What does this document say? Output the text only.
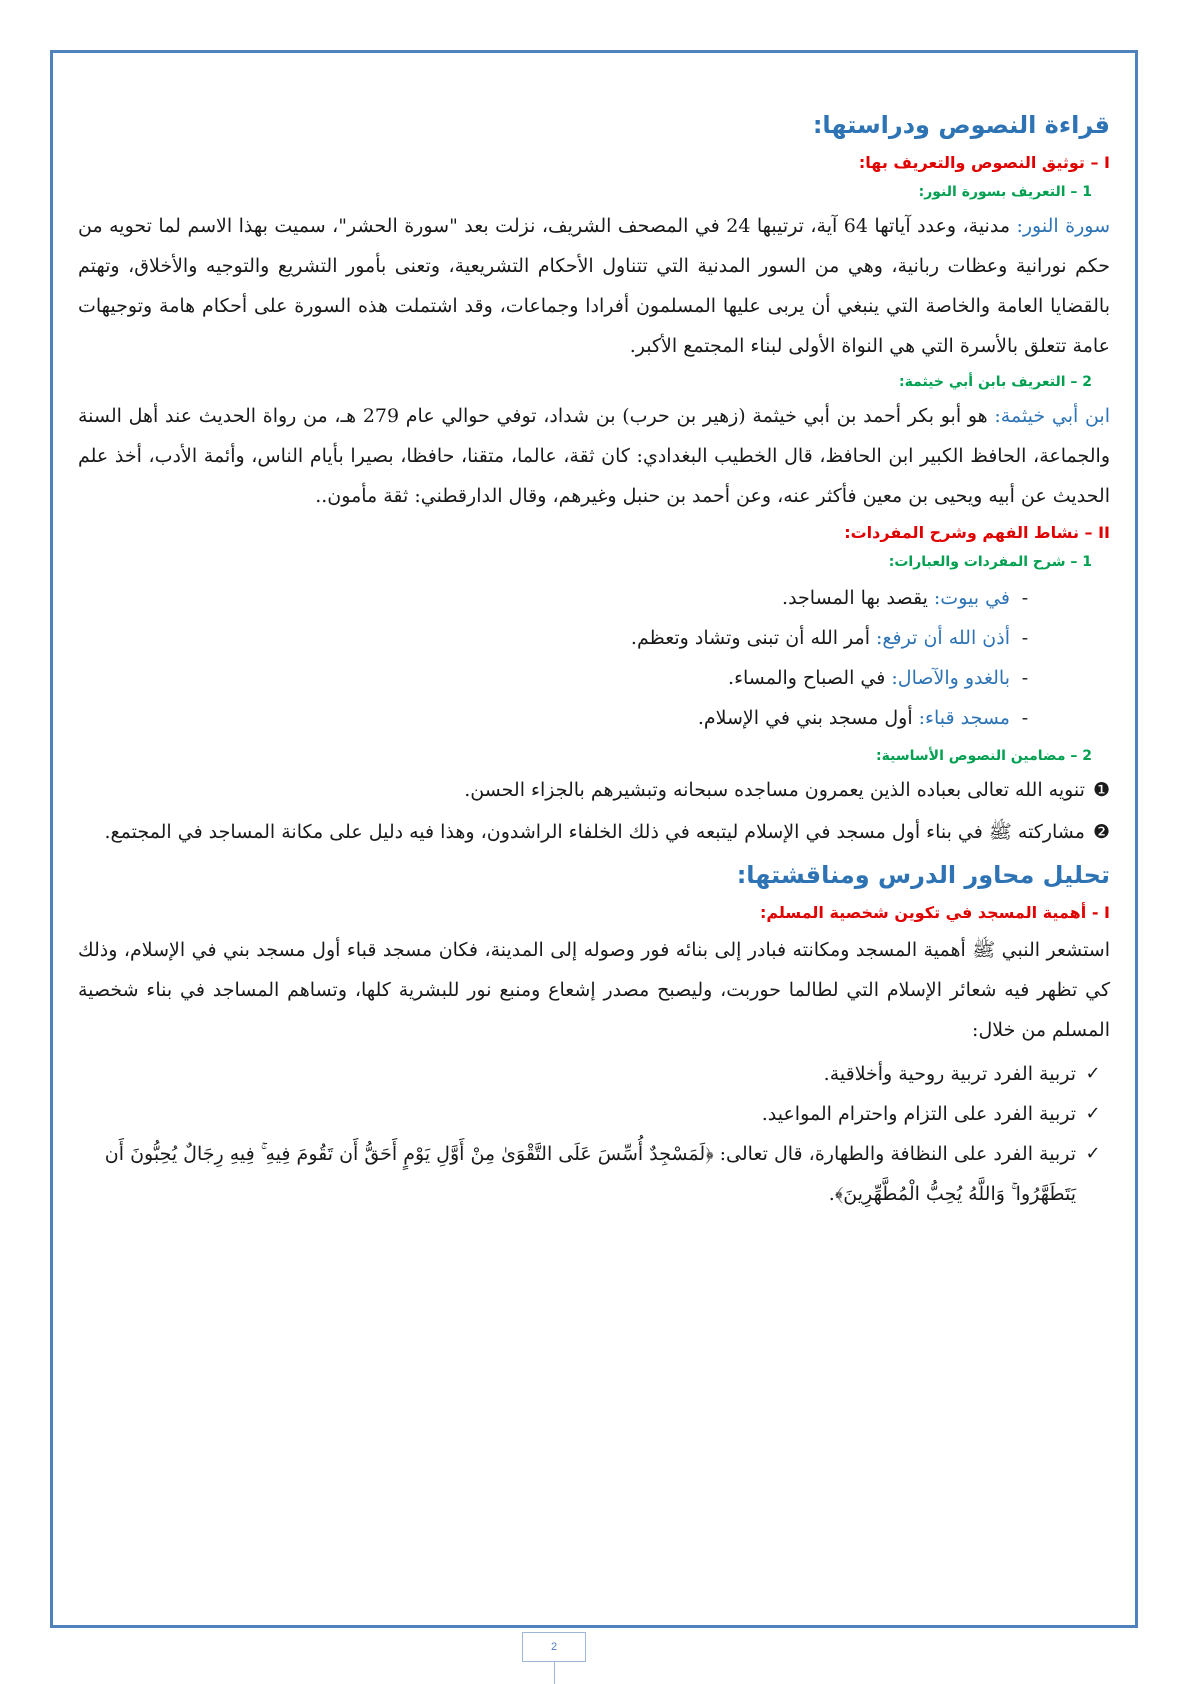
قراءة النصوص ودراستها:
I – توثيق النصوص والتعريف بها:
1 – التعريف بسورة النور:

سورة النور: مدنية، وعدد آياتها 64 آية، ترتيبها 24 في المصحف الشريف، نزلت بعد "سورة الحشر"، سميت بهذا الاسم لما تحويه من حكم نورانية وعظات ربانية، وهي من السور المدنية التي تتناول الأحكام التشريعية، وتعنى بأمور التشريع والتوجيه والأخلاق، وتهتم بالقضايا العامة والخاصة التي ينبغي أن يربى عليها المسلمون أفرادا وجماعات، وقد اشتملت هذه السورة على أحكام هامة وتوجيهات عامة تتعلق بالأسرة التي هي النواة الأولى لبناء المجتمع الأكبر.

2 – التعريف بابن أبي خيثمة:

ابن أبي خيثمة: هو أبو بكر أحمد بن أبي خيثمة (زهير بن حرب) بن شداد، توفي حوالي عام 279 هـ، من رواة الحديث عند أهل السنة والجماعة، الحافظ الكبير ابن الحافظ، قال الخطيب البغدادي: كان ثقة، عالما، متقنا، حافظا، بصيرا بأيام الناس، وأئمة الأدب، أخذ علم الحديث عن أبيه ويحيى بن معين فأكثر عنه، وعن أحمد بن حنبل وغيرهم، وقال الدارقطني: ثقة مأمون..

II – نشاط الفهم وشرح المفردات:
1 – شرح المفردات والعبارات:
-
في بيوت: يقصد بها المساجد.
-
أذن الله أن ترفع: أمر الله أن تبنى وتشاد وتعظم.
-
بالغدو والآصال: في الصباح والمساء.
-
مسجد قباء: أول مسجد بني في الإسلام.
2 – مضامين النصوص الأساسية:
❶تنويه الله تعالى بعباده الذين يعمرون مساجده سبحانه وتبشيرهم بالجزاء الحسن.
❷مشاركته ﷺ في بناء أول مسجد في الإسلام ليتبعه في ذلك الخلفاء الراشدون، وهذا فيه دليل على مكانة المساجد في المجتمع.
تحليل محاور الدرس ومناقشتها:
I - أهمية المسجد في تكوين شخصية المسلم:

استشعر النبي ﷺ أهمية المسجد ومكانته فبادر إلى بنائه فور وصوله إلى المدينة، فكان مسجد قباء أول مسجد بني في الإسلام، وذلك كي تظهر فيه شعائر الإسلام التي لطالما حوربت، وليصبح مصدر إشعاع ومنبع نور للبشرية كلها، وتساهم المساجد في بناء شخصية المسلم من خلال:

✓
تربية الفرد تربية روحية وأخلاقية.
✓
تربية الفرد على التزام واحترام المواعيد.
✓
تربية الفرد على النظافة والطهارة، قال تعالى: ﴿لَمَسْجِدٌ أُسِّسَ عَلَى التَّقْوَىٰ مِنْ أَوَّلِ يَوْمٍ أَحَقُّ أَن تَقُومَ فِيهِ ۚ فِيهِ رِجَالٌ يُحِبُّونَ أَن يَتَطَهَّرُوا ۚ وَاللَّهُ يُحِبُّ الْمُطَّهِّرِينَ﴾.
2
